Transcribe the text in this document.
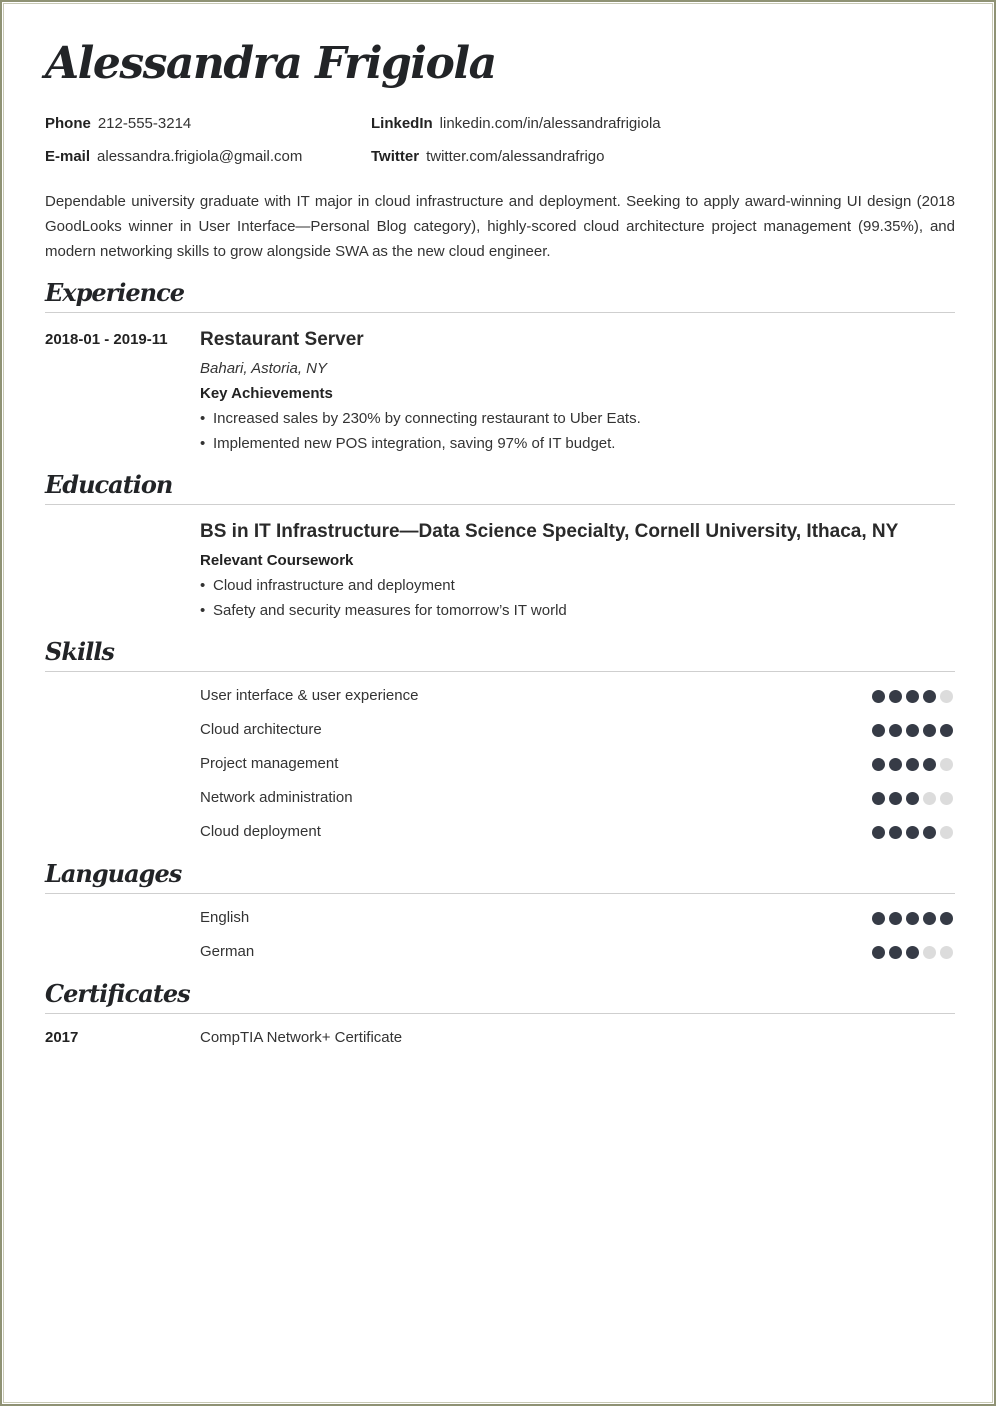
Alessandra Frigiola
Phone 212-555-3214	LinkedIn linkedin.com/in/alessandrafrigiola
E-mail alessandra.frigiola@gmail.com	Twitter twitter.com/alessandrafrigo
Dependable university graduate with IT major in cloud infrastructure and deployment. Seeking to apply award-winning UI design (2018 GoodLooks winner in User Interface—Personal Blog category), highly-scored cloud architecture project management (99.35%), and modern networking skills to grow alongside SWA as the new cloud engineer.
Experience
2018-01 - 2019-11 Restaurant Server
Bahari, Astoria, NY
Key Achievements
• Increased sales by 230% by connecting restaurant to Uber Eats.
• Implemented new POS integration, saving 97% of IT budget.
Education
BS in IT Infrastructure—Data Science Specialty, Cornell University, Ithaca, NY
Relevant Coursework
• Cloud infrastructure and deployment
• Safety and security measures for tomorrow’s IT world
Skills
User interface & user experience
Cloud architecture
Project management
Network administration
Cloud deployment
Languages
English
German
Certificates
2017	CompTIA Network+ Certificate
